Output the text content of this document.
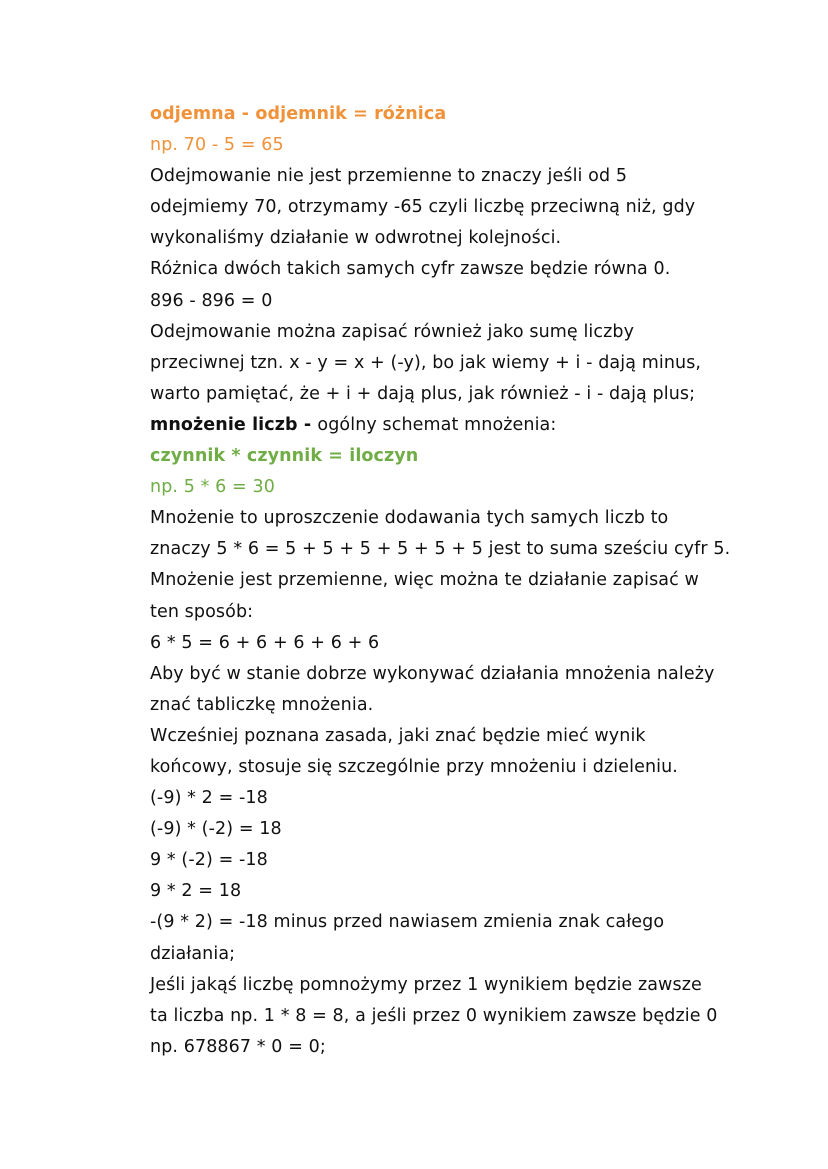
odjemna - odjemnik = różnica
np. 70 - 5 = 65
Odejmowanie nie jest przemienne to znaczy jeśli od 5
odejmiemy 70, otrzymamy -65 czyli liczbę przeciwną niż, gdy
wykonaliśmy działanie w odwrotnej kolejności.
Różnica dwóch takich samych cyfr zawsze będzie równa 0.
896 - 896 = 0
Odejmowanie można zapisać również jako sumę liczby
przeciwnej tzn. x - y = x + (-y), bo jak wiemy + i - dają minus,
warto pamiętać, że + i + dają plus, jak również - i - dają plus;
mnożenie liczb - ogólny schemat mnożenia:
czynnik * czynnik = iloczyn
np. 5 * 6 = 30
Mnożenie to uproszczenie dodawania tych samych liczb to
znaczy 5 * 6 = 5 + 5 + 5 + 5 + 5 + 5 jest to suma sześciu cyfr 5.
Mnożenie jest przemienne, więc można te działanie zapisać w
ten sposób:
6 * 5 = 6 + 6 + 6 + 6 + 6
Aby być w stanie dobrze wykonywać działania mnożenia należy
znać tabliczkę mnożenia.
Wcześniej poznana zasada, jaki znać będzie mieć wynik
końcowy, stosuje się szczególnie przy mnożeniu i dzieleniu.
(-9) * 2 = -18
(-9) * (-2) = 18
9 * (-2) = -18
9 * 2 = 18
-(9 * 2) = -18 minus przed nawiasem zmienia znak całego
działania;
Jeśli jakąś liczbę pomnożymy przez 1 wynikiem będzie zawsze
ta liczba np. 1 * 8 = 8, a jeśli przez 0 wynikiem zawsze będzie 0
np. 678867 * 0 = 0;
